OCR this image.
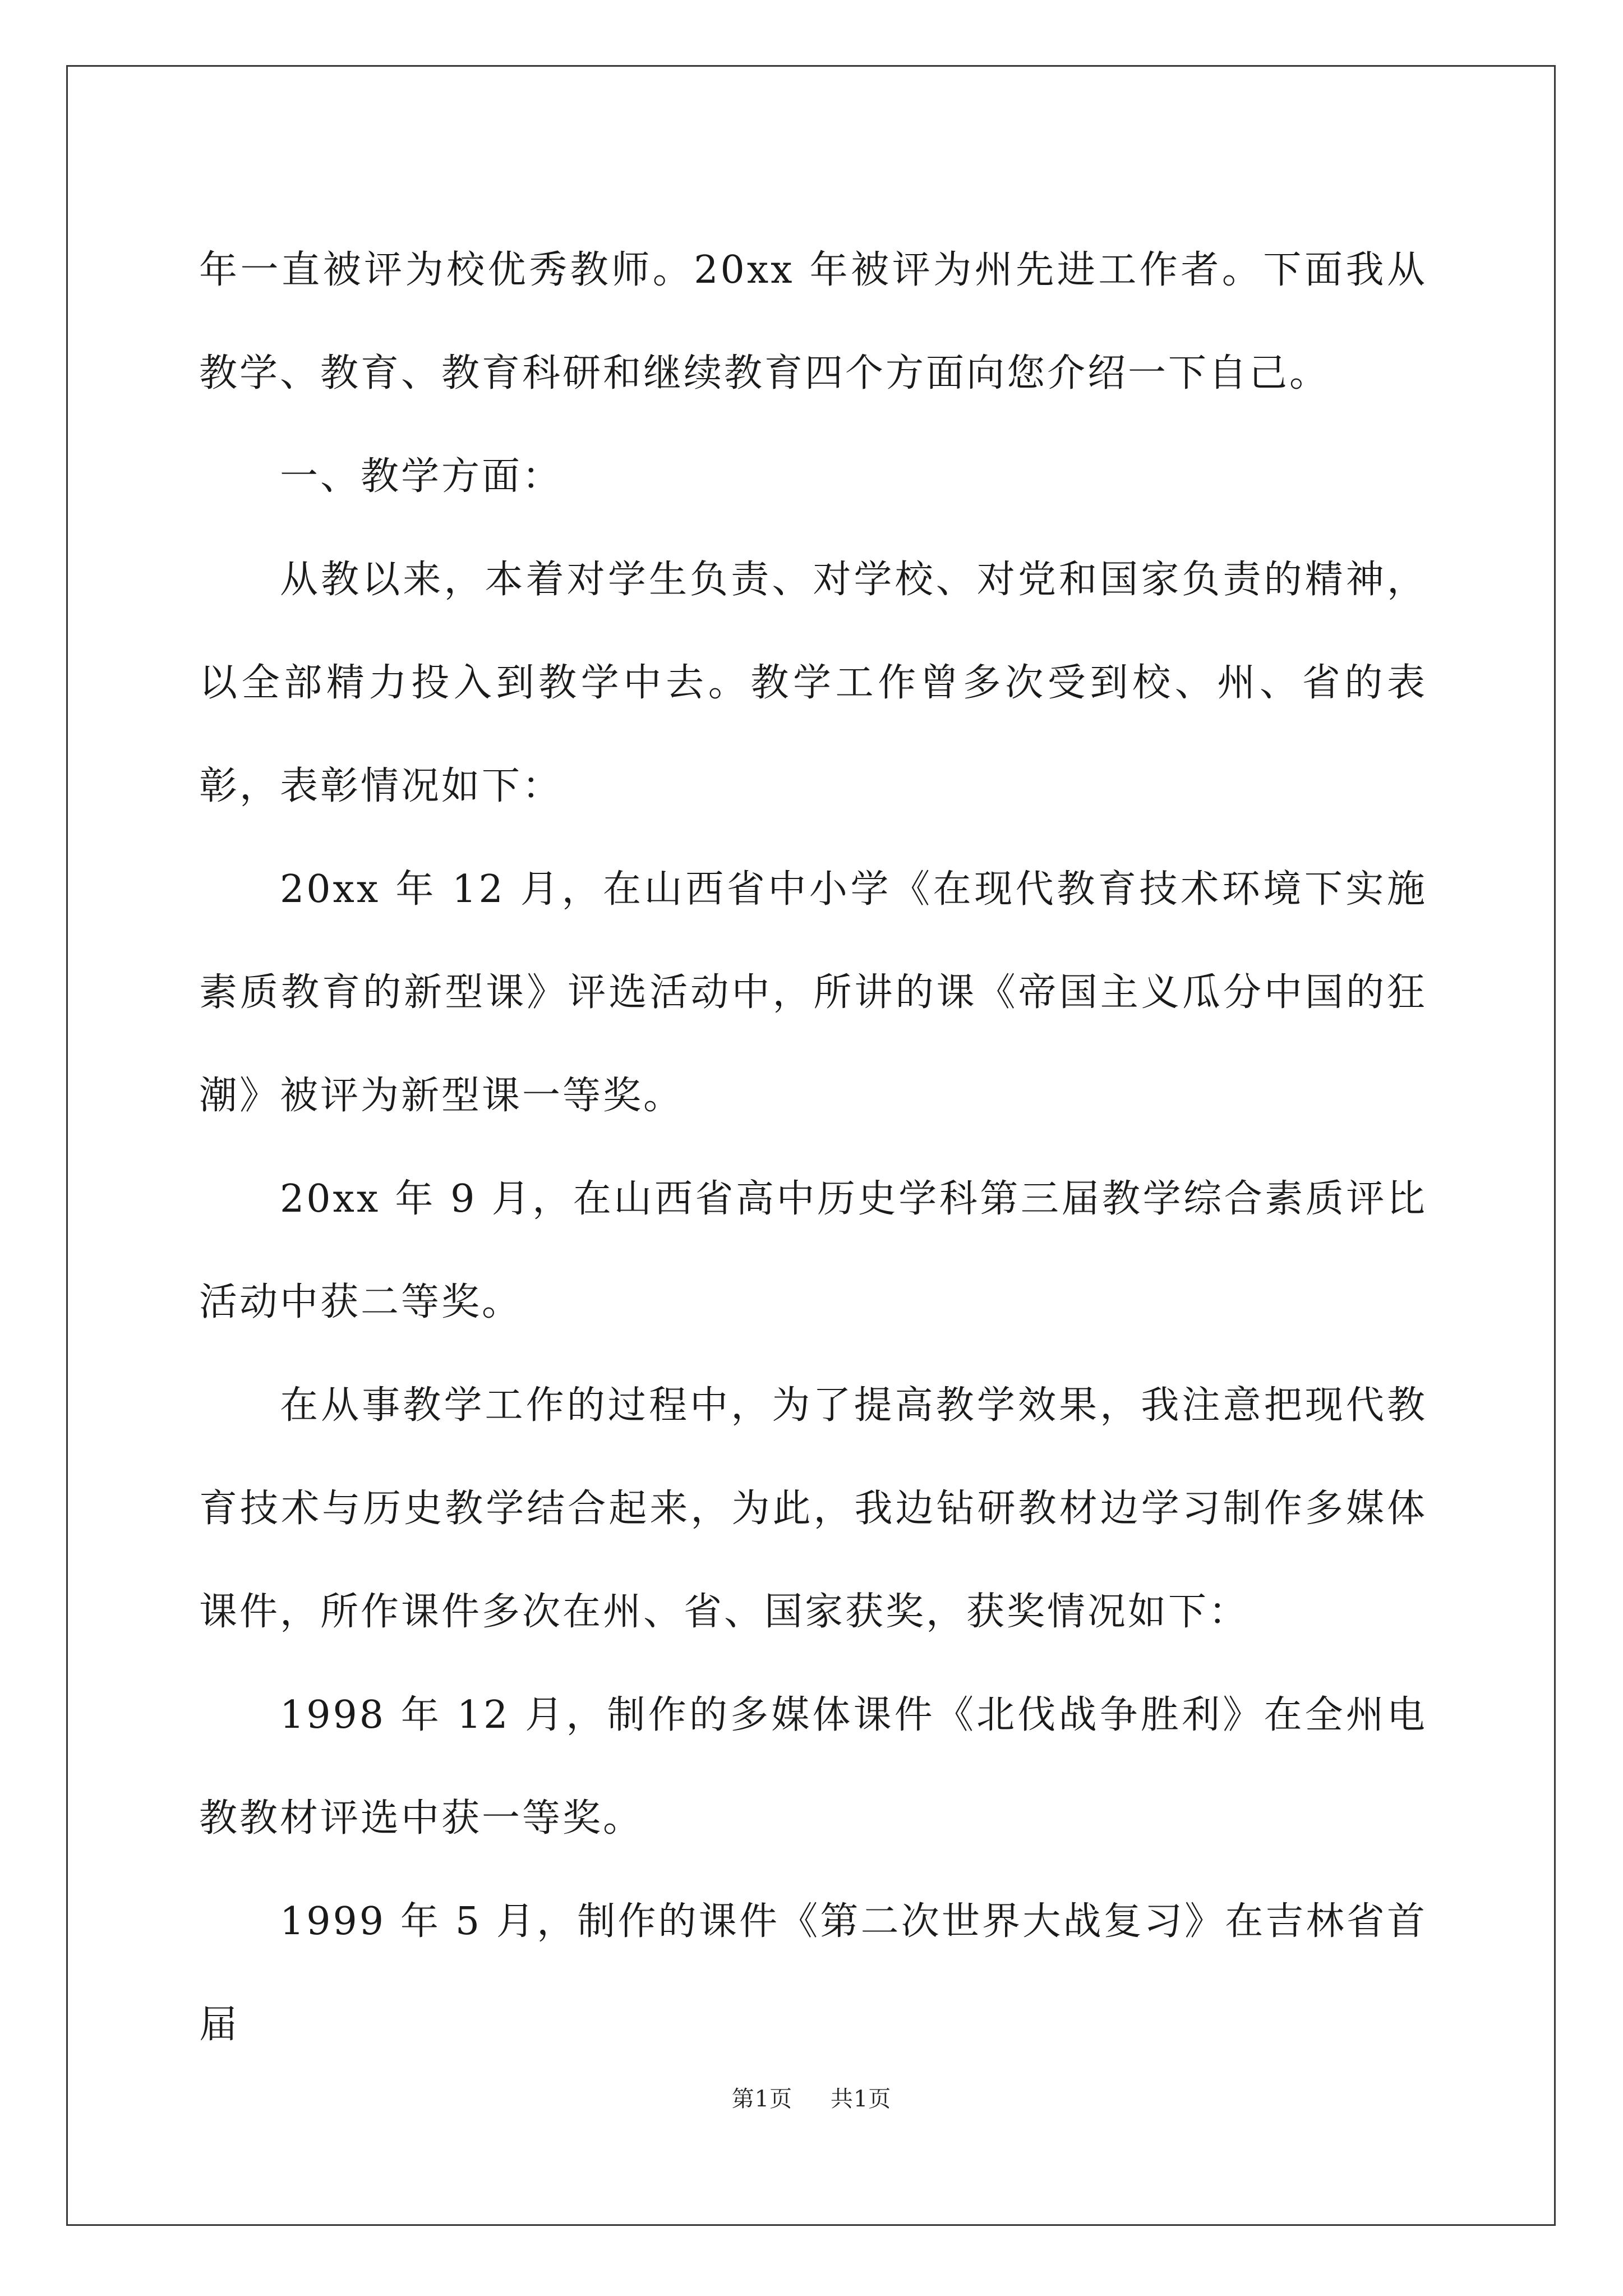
年一直被评为校优秀教师。20xx 年被评为州先进工作者。下面我从教学、教育、教育科研和继续教育四个方面向您介绍一下自己。

一、教学方面：

从教以来，本着对学生负责、对学校、对党和国家负责的精神，以全部精力投入到教学中去。教学工作曾多次受到校、州、省的表彰，表彰情况如下：

20xx 年 12 月，在山西省中小学《在现代教育技术环境下实施素质教育的新型课》评选活动中，所讲的课《帝国主义瓜分中国的狂潮》被评为新型课一等奖。

20xx 年 9 月，在山西省高中历史学科第三届教学综合素质评比活动中获二等奖。

在从事教学工作的过程中，为了提高教学效果，我注意把现代教育技术与历史教学结合起来，为此，我边钻研教材边学习制作多媒体课件，所作课件多次在州、省、国家获奖，获奖情况如下：

1998 年 12 月，制作的多媒体课件《北伐战争胜利》在全州电教教材评选中获一等奖。

1999 年 5 月，制作的课件《第二次世界大战复习》在吉林省首届

第1页 共1页
